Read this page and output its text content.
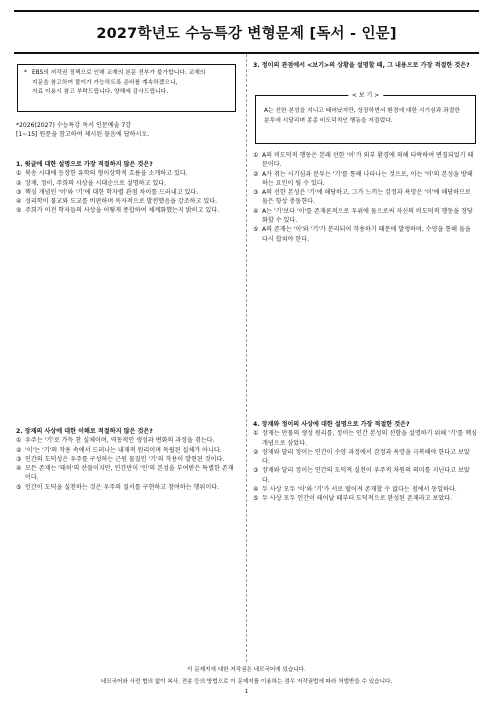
2027학년도 수능특강 변형문제 [독서 - 인문]
* EBS의 저작권 정책으로 인해 교재의 본문 전부가 불가합니다. 교재의
지문을 참고하여 풀이가 가능하도록 준비를 계속하겠으니,
자료 이용시 참고 부탁드립니다. 양해에 감사드립니다.
*2026(2027) 수능특강 독서 인문예술 7강
[1~15] 원문을 참고하여 제시된 물음에 답하시오.
1. 윗글에 대한 설명으로 가장 적절하지 않은 것은?
① 북송 시대에 등장한 유학의 형이상학적 흐름을 소개하고 있다.
② 장재, 정이, 주희의 사상을 시대순으로 설명하고 있다.
③ 핵심 개념인 '이'와 '기'에 대한 학자별 관점 차이를 드러내고 있다.
④ 성리학이 불교와 도교를 비판하며 독자적으로 발전했음을 강조하고 있다.
⑤ 주희가 이전 학자들의 사상을 어떻게 종합하여 체계화했는지 밝히고 있다.
2. 장재의 사상에 대한 이해로 적절하지 않은 것은?
① 우주는 '기'로 가득 찬 실체이며, 역동적인 생성과 변화의 과정을 겪는다.
② '이'는 '기'의 작용 속에서 드러나는 내재적 원리이며 독립된 실체가 아니다.
③ 인간의 도덕성은 우주를 구성하는 근원 물질인 '기'의 작용이 발현된 것이다.
④ 모든 존재는 '태허'의 산물이지만, 인간만이 '인'의 본성을 부여받은 특별한 존재이다.
⑤ 인간이 도덕을 실천하는 것은 우주의 질서를 구현하고 참여하는 행위이다.
3. 정이의 관점에서 <보기>의 상황을 설명할 때, 그 내용으로 가장 적절한 것은?
< 보 기 >
A는 선한 본성을 지니고 태어났지만, 성장하면서 환경에 대한 시기심과 좌절한 분투에 시달리며 종종 비도덕적인 행동을 저질렀다.
① A의 비도덕적 행동은 본래 선한 '이'가 외부 환경에 의해 타락하여 변질되었기 때문이다.
② A가 겪는 시기심과 분투는 '기'를 통해 나타나는 것으로, 이는 '이'의 본성을 방해하는 요인이 될 수 있다.
③ A의 선한 본성은 '기'에 해당하고, 그가 느끼는 감정과 욕망은 '이'에 해당하므로 둘은 항상 충돌한다.
④ A는 '기'보다 '이'를 존재론적으로 우위에 둠으로써 자신의 비도덕적 행동을 정당화할 수 있다.
⑤ A의 존재는 '이'와 '기'가 분리되어 작용하기 때문에 발생하며, 수양을 통해 둘을 다시 합쳐야 한다.
4. 장재와 정이의 사상에 대한 설명으로 가장 적절한 것은?
① 장재는 만물의 생성 원리를, 정이는 인간 본성의 선함을 설명하기 위해 '기'를 핵심 개념으로 삼았다.
② 장재와 달리 정이는 인간이 수양 과정에서 감정과 욕망을 극복해야 한다고 보았다.
③ 장재와 달리 정이는 인간의 도덕적 실천이 우주적 차원의 의미를 지닌다고 보았다.
④ 두 사상 모두 '이'와 '기'가 서로 떨어져 존재할 수 없다는 점에서 동일하다.
⑤ 두 사상 모두 인간이 태어날 때부터 도덕적으로 완성된 존재라고 보았다.
이 문제지에 대한 저작권은 네모국어에 있습니다.
네모국어와 사전 협의 없이 복사, 전송 등의 방법으로 이 문제지를 이용하는 경우 저작권법에 따라 처벌받을 수 있습니다.
1
